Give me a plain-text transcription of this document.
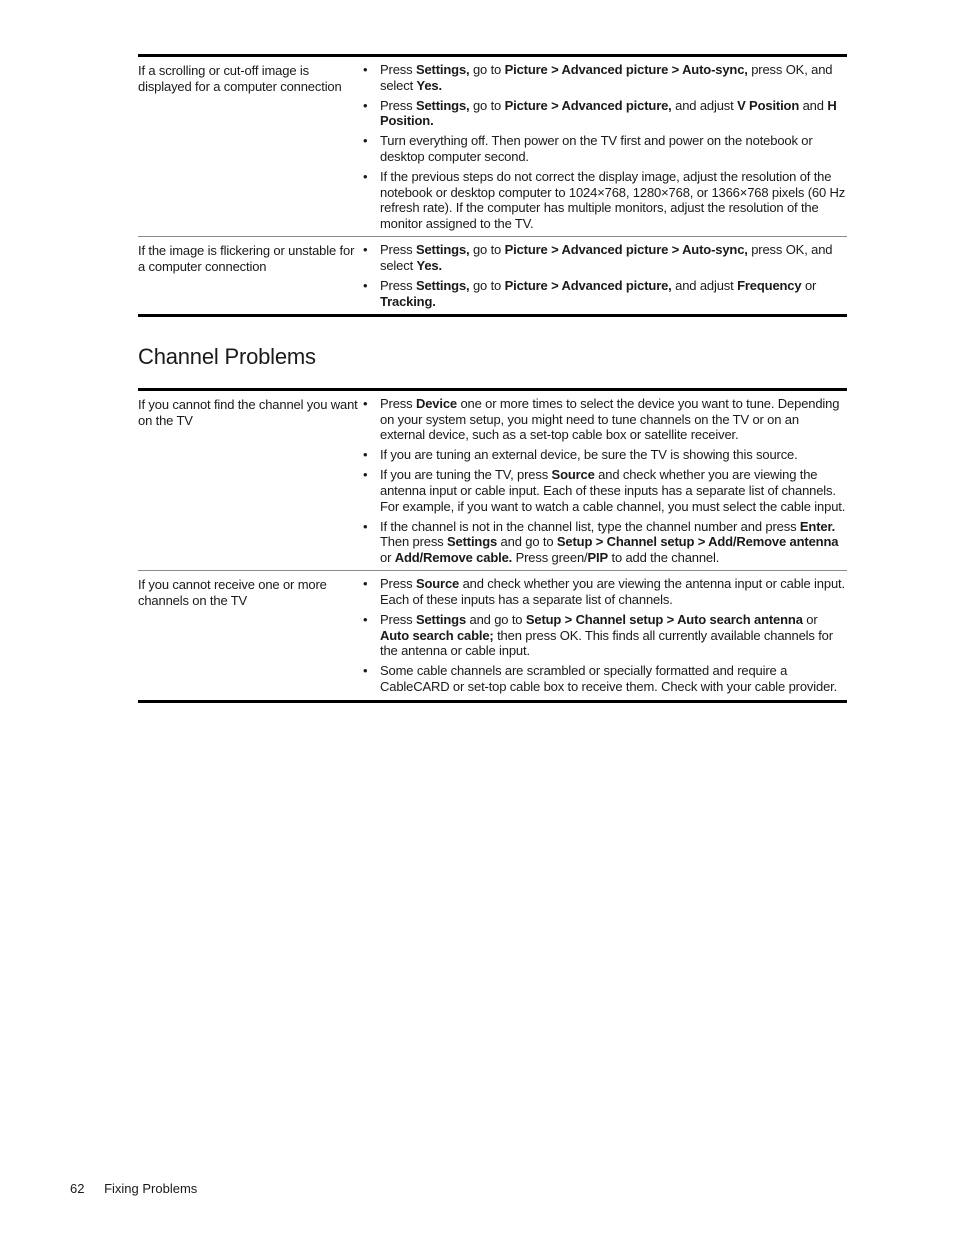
If a scrolling or cut-off image is displayed for a computer connection
• Press Settings, go to Picture > Advanced picture > Auto-sync, press OK, and select Yes.
• Press Settings, go to Picture > Advanced picture, and adjust V Position and H Position.
• Turn everything off. Then power on the TV first and power on the notebook or desktop computer second.
• If the previous steps do not correct the display image, adjust the resolution of the notebook or desktop computer to 1024×768, 1280×768, or 1366×768 pixels (60 Hz refresh rate). If the computer has multiple monitors, adjust the resolution of the monitor assigned to the TV.
If the image is flickering or unstable for a computer connection
• Press Settings, go to Picture > Advanced picture > Auto-sync, press OK, and select Yes.
• Press Settings, go to Picture > Advanced picture, and adjust Frequency or Tracking.
Channel Problems
If you cannot find the channel you want on the TV
• Press Device one or more times to select the device you want to tune. Depending on your system setup, you might need to tune channels on the TV or on an external device, such as a set-top cable box or satellite receiver.
• If you are tuning an external device, be sure the TV is showing this source.
• If you are tuning the TV, press Source and check whether you are viewing the antenna input or cable input. Each of these inputs has a separate list of channels. For example, if you want to watch a cable channel, you must select the cable input.
• If the channel is not in the channel list, type the channel number and press Enter. Then press Settings and go to Setup > Channel setup > Add/Remove antenna or Add/Remove cable. Press green/PIP to add the channel.
If you cannot receive one or more channels on the TV
• Press Source and check whether you are viewing the antenna input or cable input. Each of these inputs has a separate list of channels.
• Press Settings and go to Setup > Channel setup > Auto search antenna or Auto search cable; then press OK. This finds all currently available channels for the antenna or cable input.
• Some cable channels are scrambled or specially formatted and require a CableCARD or set-top cable box to receive them. Check with your cable provider.
62 Fixing Problems
